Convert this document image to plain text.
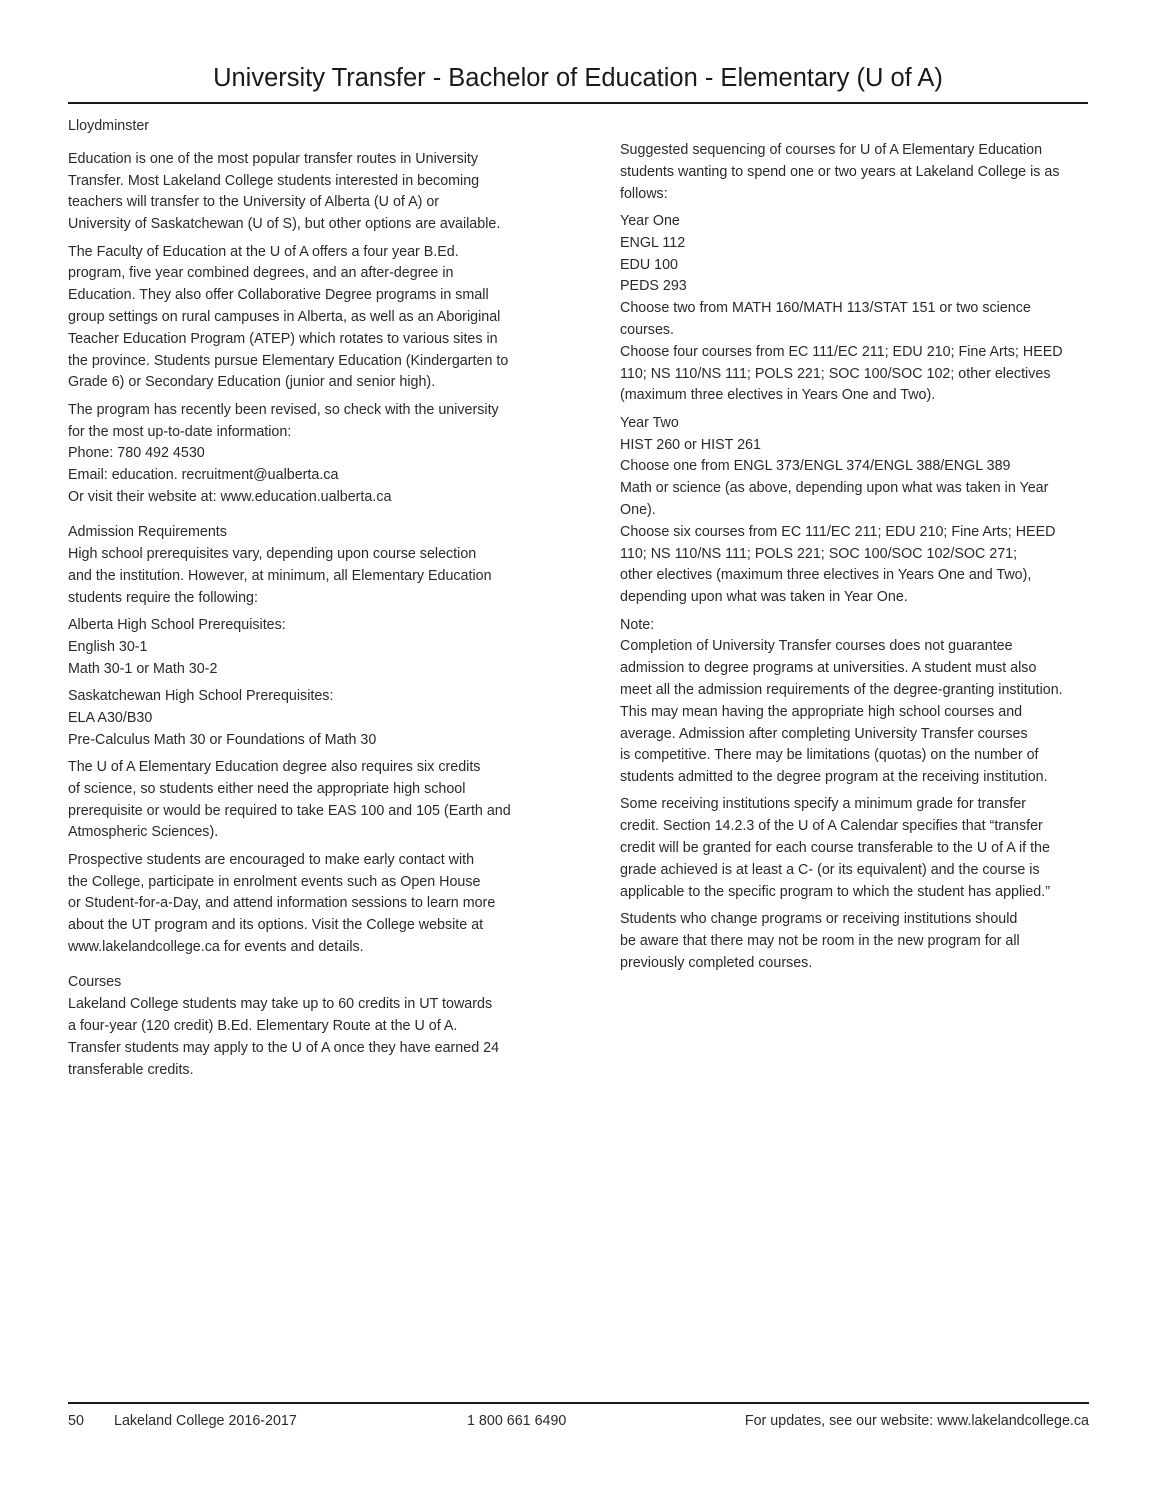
University Transfer - Bachelor of Education - Elementary (U of A)
Lloydminster
Education is one of the most popular transfer routes in University
Transfer. Most Lakeland College students interested in becoming
teachers will transfer to the University of Alberta (U of A) or
University of Saskatchewan (U of S), but other options are available.
The Faculty of Education at the U of A offers a four year B.Ed.
program, five year combined degrees, and an after-degree in
Education. They also offer Collaborative Degree programs in small
group settings on rural campuses in Alberta, as well as an Aboriginal
Teacher Education Program (ATEP) which rotates to various sites in
the province. Students pursue Elementary Education (Kindergarten to
Grade 6) or Secondary Education (junior and senior high).
The program has recently been revised, so check with the university
for the most up-to-date information:
Phone: 780 492 4530
Email: education. recruitment@ualberta.ca
Or visit their website at: www.education.ualberta.ca
Admission Requirements
High school prerequisites vary, depending upon course selection
and the institution. However, at minimum, all Elementary Education
students require the following:
Alberta High School Prerequisites:
English 30-1
Math 30-1 or Math 30-2
Saskatchewan High School Prerequisites:
ELA A30/B30
Pre-Calculus Math 30 or Foundations of Math 30
The U of A Elementary Education degree also requires six credits
of science, so students either need the appropriate high school
prerequisite or would be required to take EAS 100 and 105 (Earth and
Atmospheric Sciences).
Prospective students are encouraged to make early contact with
the College, participate in enrolment events such as Open House
or Student-for-a-Day, and attend information sessions to learn more
about the UT program and its options. Visit the College website at
www.lakelandcollege.ca for events and details.
Courses
Lakeland College students may take up to 60 credits in UT towards
a four-year (120 credit) B.Ed. Elementary Route at the U of A.
Transfer students may apply to the U of A once they have earned 24
transferable credits.
Suggested sequencing of courses for U of A Elementary Education
students wanting to spend one or two years at Lakeland College is as
follows:
Year One
ENGL 112
EDU 100
PEDS 293
Choose two from MATH 160/MATH 113/STAT 151 or two science
courses.
Choose four courses from EC 111/EC 211; EDU 210; Fine Arts; HEED
110; NS 110/NS 111; POLS 221; SOC 100/SOC 102; other electives
(maximum three electives in Years One and Two).
Year Two
HIST 260 or HIST 261
Choose one from ENGL 373/ENGL 374/ENGL 388/ENGL 389
Math or science (as above, depending upon what was taken in Year
One).
Choose six courses from EC 111/EC 211; EDU 210; Fine Arts; HEED
110; NS 110/NS 111; POLS 221; SOC 100/SOC 102/SOC 271;
other electives (maximum three electives in Years One and Two),
depending upon what was taken in Year One.
Note:
Completion of University Transfer courses does not guarantee
admission to degree programs at universities. A student must also
meet all the admission requirements of the degree-granting institution.
This may mean having the appropriate high school courses and
average. Admission after completing University Transfer courses
is competitive. There may be limitations (quotas) on the number of
students admitted to the degree program at the receiving institution.
Some receiving institutions specify a minimum grade for transfer
credit. Section 14.2.3 of the U of A Calendar specifies that “transfer
credit will be granted for each course transferable to the U of A if the
grade achieved is at least a C- (or its equivalent) and the course is
applicable to the specific program to which the student has applied.”
Students who change programs or receiving institutions should
be aware that there may not be room in the new program for all
previously completed courses.
50 Lakeland College 2016-2017	1 800 661 6490	For updates, see our website: www.lakelandcollege.ca
